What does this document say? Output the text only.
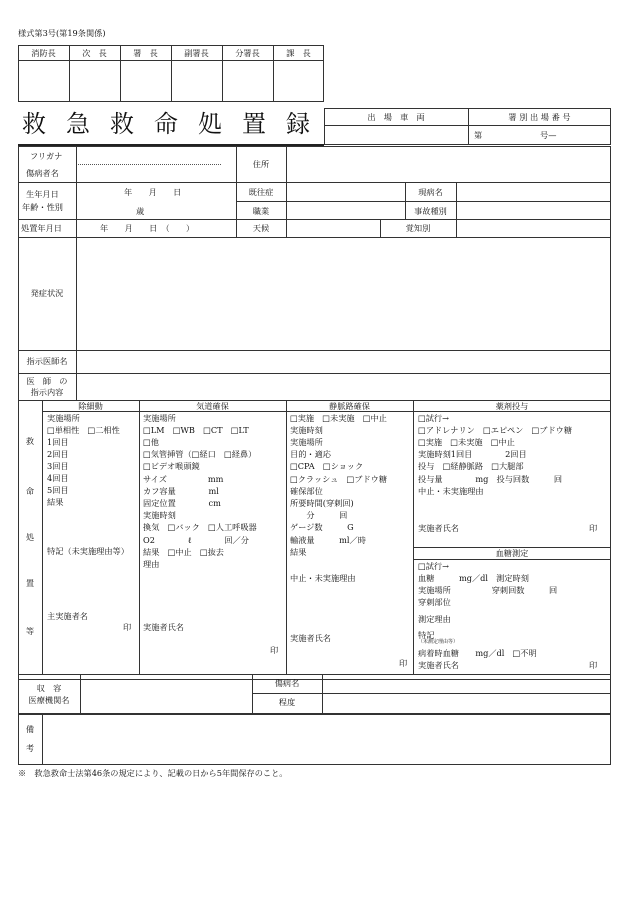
様式第3号(第19条関係)
消防長	次　長	署　長	副署長	分署長	課　長
救急救命処置録	出　場　車　両	署 別 出 場 番 号
第	号—
フリガナ
傷病者名
住所
生年月日
年齢・性別
年　　月　　日
歳
既往症	現病名
職業	事故種別
処置年月日	年　　月　　日　（　　）	天候	覚知別
発症状況
指示医師名
医　師　の
指示内容
救
命
処
置
等
除細動
実施場所
□単相性　□二相性
1回目
2回目
3回目
4回目
5回目
結果
特記（未実施理由等）
主実施者名
印
気道確保
実施場所
□LM　□WB　□CT　□LT
□他
□気管挿管（□経口　□経鼻）
□ビデオ喉頭鏡
サイズ　　　　　mm
カフ容量　　　　ml
固定位置　　　　cm
実施時刻
換気　□バック　□人工呼吸器
O2　　　　ℓ　　　　回／分
結果　□中止　□抜去
理由
実施者氏名
印
静脈路確保
□実施　□未実施　□中止
実施時刻
実施場所
目的・適応
□CPA　□ショック
□クラッシュ　□ブドウ糖
確保部位
所要時間(穿刺回)
　　分　　　回
ゲージ数　　　G
輸液量　　　ml／時
結果
中止・未実施理由
実施者氏名
印
薬剤投与
□試行→
□アドレナリン　□エピペン　□ブドウ糖
□実施　□未実施　□中止
実施時刻1回目　　　　2回目
投与　□経静脈路　□大腿部
投与量　　　　mg　投与回数　　　回
中止・未実施理由
実施者氏名	印
血糖測定
□試行→
血糖　　　mg／dl　測定時刻
実施場所　　　　　穿刺回数　　　回
穿刺部位
測定理由
特記
（未測定理由等）
病着時血糖　　mg／dl　□不明
実施者氏名	印
収　容
医療機関名
傷病名
程度
備
考
※　救急救命士法第46条の規定により、記載の日から5年間保存のこと。
